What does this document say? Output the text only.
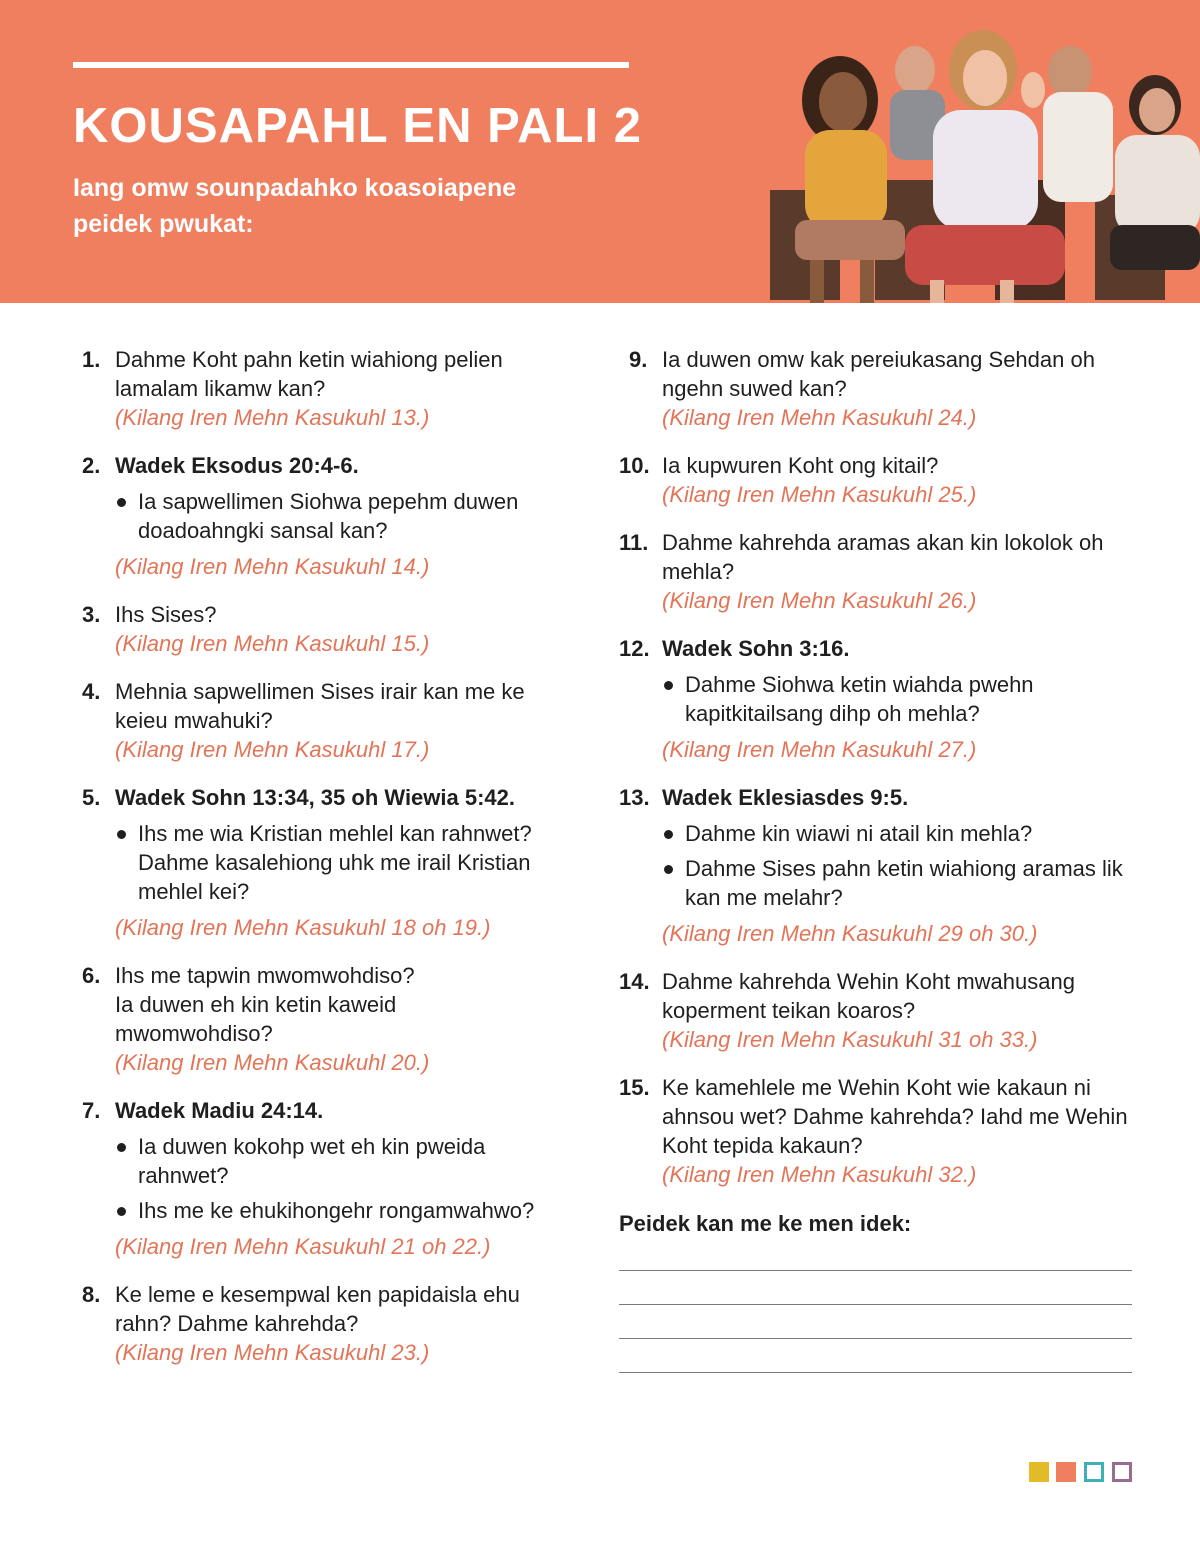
KOUSAPAHL EN PALI 2

Iang omw sounpadahko koasoiapene peidek pwukat:

1. Dahme Koht pahn ketin wiahiong pelien lamalam likamw kan?
(Kilang Iren Mehn Kasukuhl 13.)
2. Wadek Eksodus 20:4-6.
Ia sapwellimen Siohwa pepehm duwen doadoahngki sansal kan?
(Kilang Iren Mehn Kasukuhl 14.)
3. Ihs Sises?
(Kilang Iren Mehn Kasukuhl 15.)
4. Mehnia sapwellimen Sises irair kan me ke keieu mwahuki?
(Kilang Iren Mehn Kasukuhl 17.)
5. Wadek Sohn 13:34, 35 oh Wiewia 5:42.
Ihs me wia Kristian mehlel kan rahnwet? Dahme kasalehiong uhk me irail Kristian mehlel kei?
(Kilang Iren Mehn Kasukuhl 18 oh 19.)
6. Ihs me tapwin mwomwohdiso? Ia duwen eh kin ketin kaweid mwomwohdiso?
(Kilang Iren Mehn Kasukuhl 20.)
7. Wadek Madiu 24:14.
Ia duwen kokohp wet eh kin pweida rahnwet?
Ihs me ke ehukihongehr rongamwahwo?
(Kilang Iren Mehn Kasukuhl 21 oh 22.)
8. Ke leme e kesempwal ken papidaisla ehu rahn? Dahme kahrehda?
(Kilang Iren Mehn Kasukuhl 23.)
9. Ia duwen omw kak pereiukasang Sehdan oh ngehn suwed kan?
(Kilang Iren Mehn Kasukuhl 24.)
10. Ia kupwuren Koht ong kitail?
(Kilang Iren Mehn Kasukuhl 25.)
11. Dahme kahrehda aramas akan kin lokolok oh mehla?
(Kilang Iren Mehn Kasukuhl 26.)
12. Wadek Sohn 3:16.
Dahme Siohwa ketin wiahda pwehn kapitkitailsang dihp oh mehla?
(Kilang Iren Mehn Kasukuhl 27.)
13. Wadek Eklesiasdes 9:5.
Dahme kin wiawi ni atail kin mehla?
Dahme Sises pahn ketin wiahiong aramas lik kan me melahr?
(Kilang Iren Mehn Kasukuhl 29 oh 30.)
14. Dahme kahrehda Wehin Koht mwahusang koperment teikan koaros?
(Kilang Iren Mehn Kasukuhl 31 oh 33.)
15. Ke kamehlele me Wehin Koht wie kakaun ni ahnsou wet? Dahme kahrehda? Iahd me Wehin Koht tepida kakaun?
(Kilang Iren Mehn Kasukuhl 32.)
Peidek kan me ke men idek:
